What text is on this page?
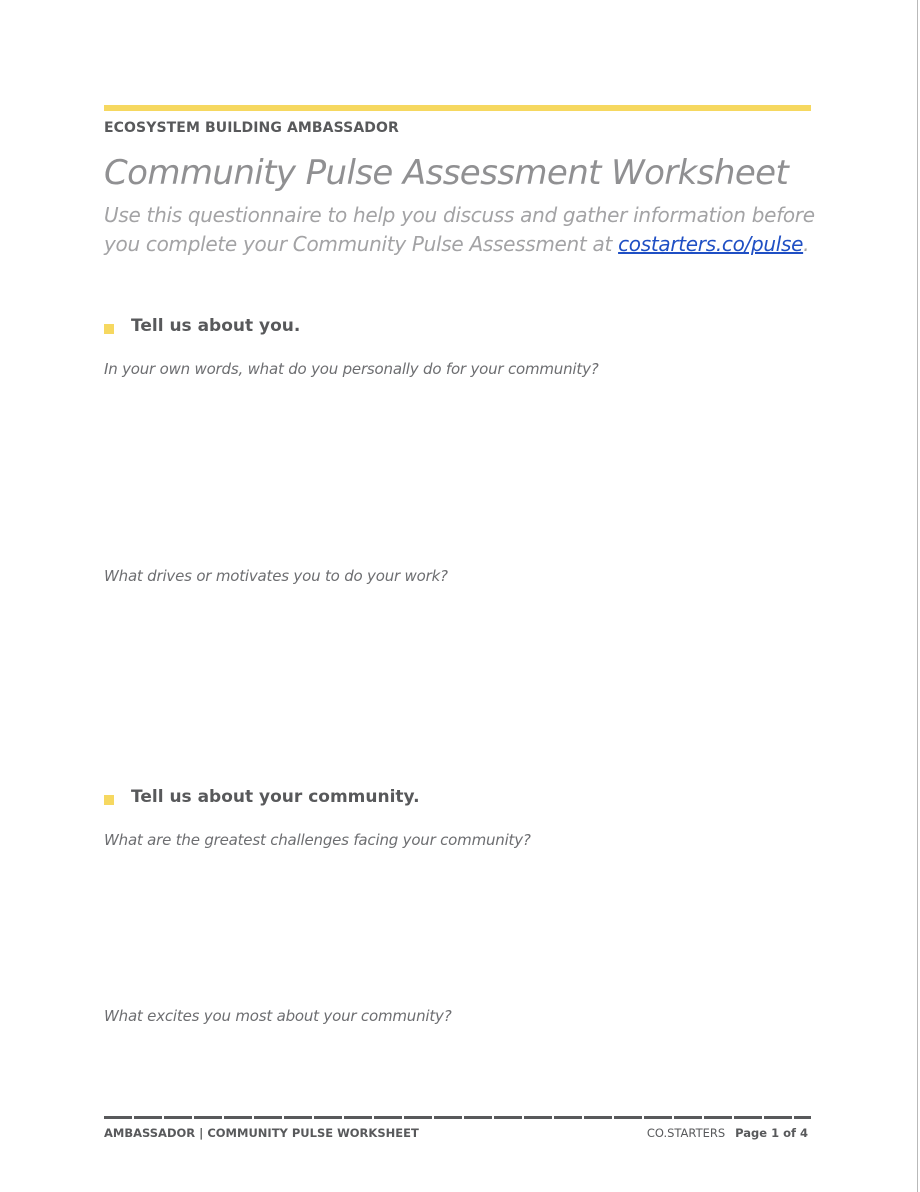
ECOSYSTEM BUILDING AMBASSADOR
Community Pulse Assessment Worksheet
Use this questionnaire to help you discuss and gather information before you complete your Community Pulse Assessment at costarters.co/pulse.
Tell us about you.
In your own words, what do you personally do for your community?
What drives or motivates you to do your work?
Tell us about your community.
What are the greatest challenges facing your community?
What excites you most about your community?
AMBASSADOR | COMMUNITY PULSE WORKSHEET	CO.STARTERS Page 1 of 4
